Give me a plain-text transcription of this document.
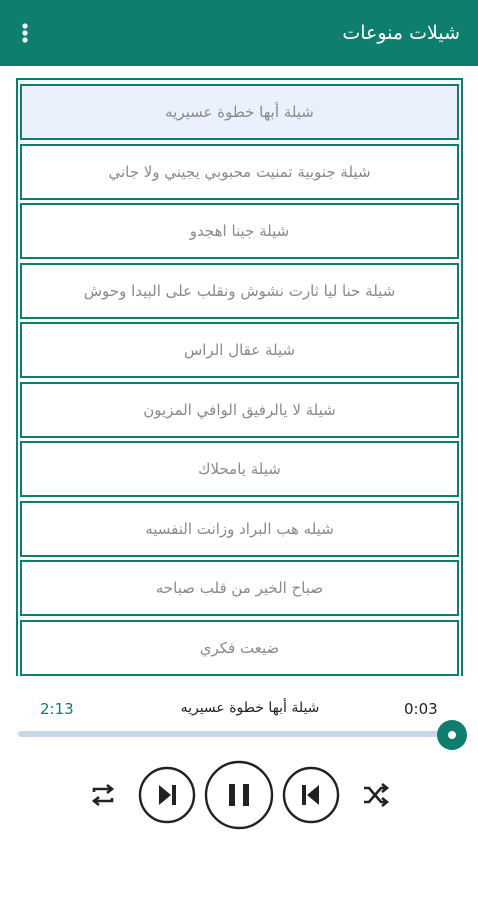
شيلات منوعات
شيلة أبها خطوة عسيريه
شيلة جنوبية تمنيت محبوبي يجيني ولا جاني
شيلة جينا اهجدو
شيلة حنا ليا ثارت نشوش ونقلب على البيدا وحوش
شيلة عقال الراس
شيلة لا يالرفيق الوافي المزيون
شيلة يامحلاك
شيله هب البراد وزانت النفسيه
صباح الخير من قلب صباحه
ضيعت فكري
2:13	شيلة أبها خطوة عسيريه	0:03
